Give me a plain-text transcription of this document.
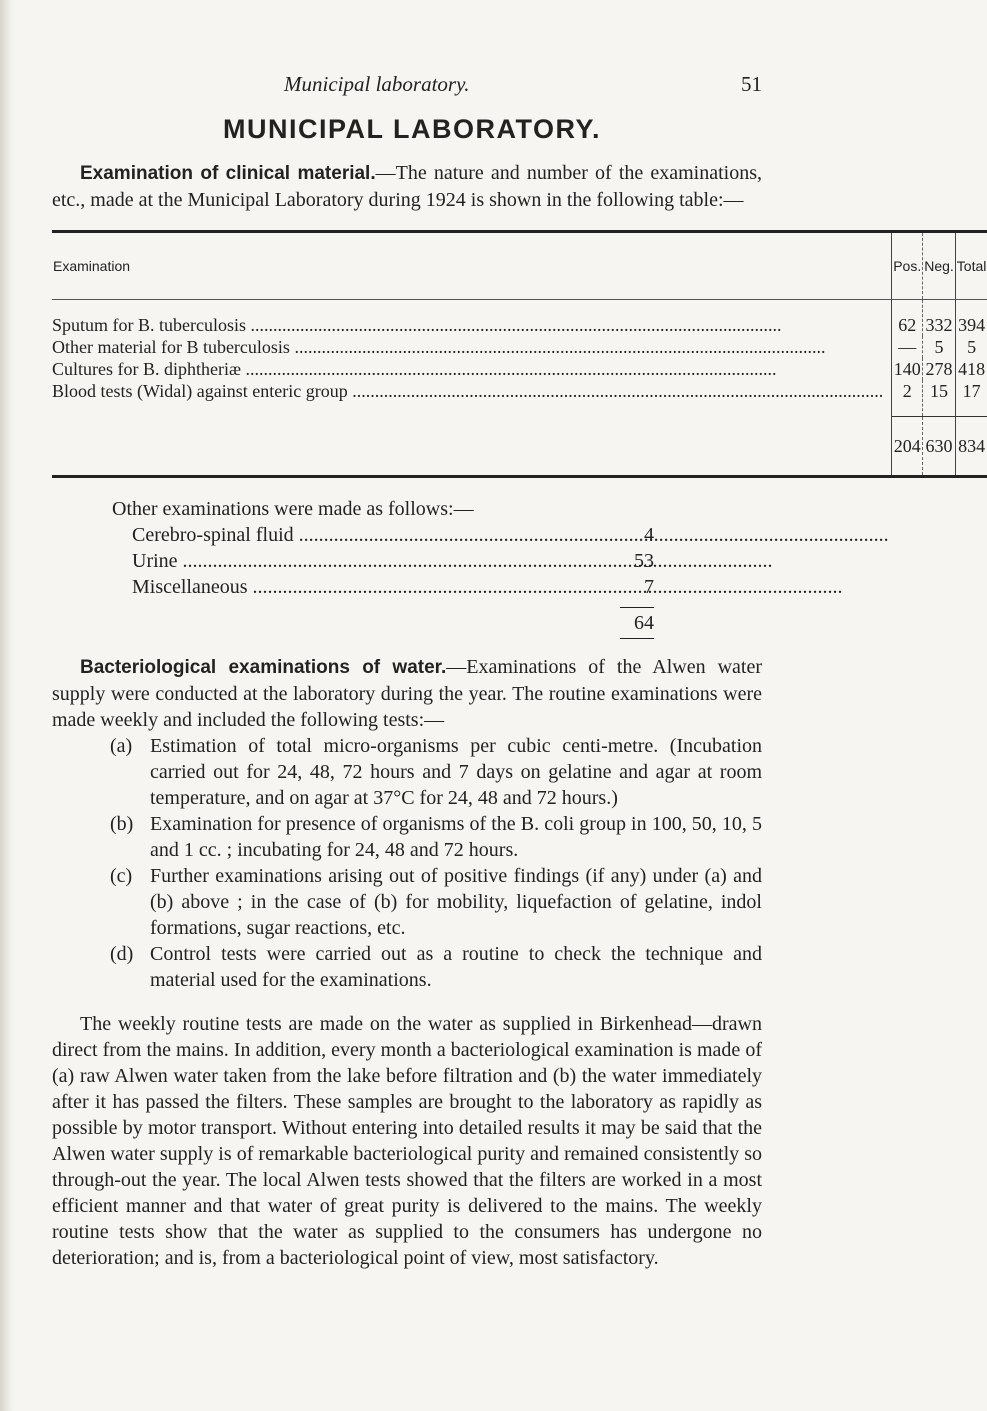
Municipal laboratory.	51
MUNICIPAL LABORATORY.

Examination of clinical material.—The nature and number of the examinations, etc., made at the Municipal Laboratory during 1924 is shown in the following table:—

Examination	Pos.	Neg.	Total

Sputum for B. tuberculosis .....	62	332	394

Other material for B tuberculosis .....	—	5	5

Cultures for B. diphtheriæ .....	140	278	418

Blood tests (Widal) against enteric group .....	2	15	17
	204	630	834
Other examinations were made as follows:—
Cerebro-spinal fluid .....	4
Urine .....	53
Miscellaneous .....	7
64

Bacteriological examinations of water.—Examinations of the Alwen water supply were conducted at the laboratory during the year. The routine examinations were made weekly and included the following tests:—

(a) Estimation of total micro-organisms per cubic centi-metre. (Incubation carried out for 24, 48, 72 hours and 7 days on gelatine and agar at room temperature, and on agar at 37°C for 24, 48 and 72 hours.)
(b) Examination for presence of organisms of the B. coli group in 100, 50, 10, 5 and 1 cc. ; incubating for 24, 48 and 72 hours.
(c) Further examinations arising out of positive findings (if any) under (a) and (b) above ; in the case of (b) for mobility, liquefaction of gelatine, indol formations, sugar reactions, etc.
(d) Control tests were carried out as a routine to check the technique and material used for the examinations.

The weekly routine tests are made on the water as supplied in Birkenhead—drawn direct from the mains. In addition, every month a bacteriological examination is made of (a) raw Alwen water taken from the lake before filtration and (b) the water immediately after it has passed the filters. These samples are brought to the laboratory as rapidly as possible by motor transport. Without entering into detailed results it may be said that the Alwen water supply is of remarkable bacteriological purity and remained consistently so through-out the year. The local Alwen tests showed that the filters are worked in a most efficient manner and that water of great purity is delivered to the mains. The weekly routine tests show that the water as supplied to the consumers has undergone no deterioration; and is, from a bacteriological point of view, most satisfactory.
